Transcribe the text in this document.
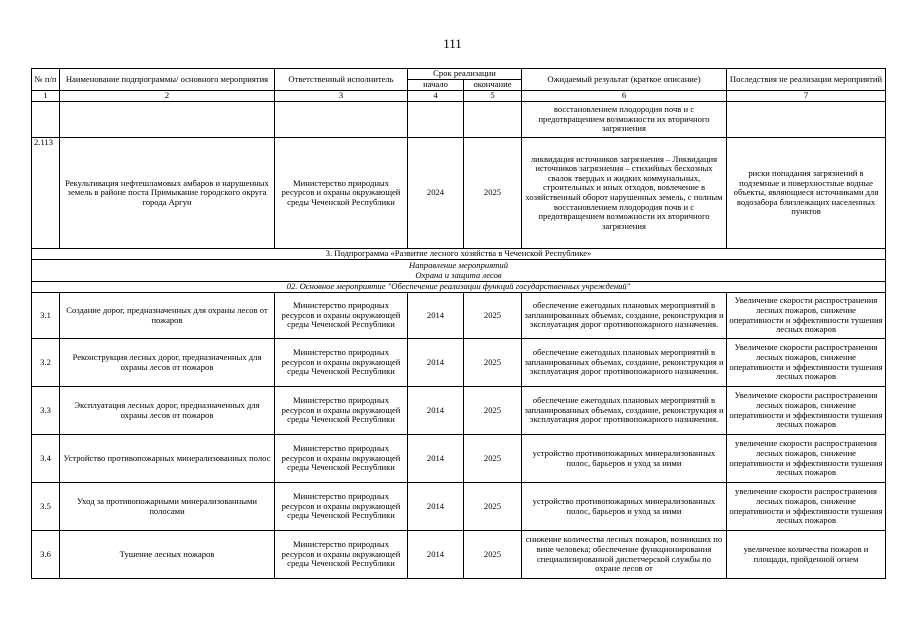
111
№ п/п	Наименование подпрограммы/ основного мероприятия	Ответственный исполнитель	Срок реализации		Ожидаемый результат (краткое описание)	Последствия не реализации мероприятий
			начало	окончание		
1	2	3	4	5	6	7
					восстановлением плодородия почв и с предотвращением возможности их вторичного загрязнения	
2.113	Рекультивация нефтешламовых амбаров и нарушенных земель в районе поста Примыкание городского округа города Аргун	Министерство природных ресурсов и охраны окружающей среды Чеченской Республики	2024	2025	ликвидация источников загрязнения – Ликвидация источников загрязнения – стихийных бесхозных свалок твердых и жидких коммунальных, строительных и иных отходов, вовлечение в хозяйственный оборот нарушенных земель, с полным восстановлением плодородия почв и с предотвращением возможности их вторичного загрязнения	риски попадания загрязнений в подземные и поверхностные водные объекты, являющиеся источниками для водозабора близлежащих населенных пунктов
3. Подпрограмма «Развитие лесного хозяйства в Чеченской Республике»						

Направление мероприятий
Охрана и защита лесов						

02. Основное мероприятие "Обеспечение реализации функций государственных учреждений"						
3.1	Создание дорог, предназначенных для охраны лесов от пожаров	Министерство природных ресурсов и охраны окружающей среды Чеченской Республики	2014	2025	обеспечение ежегодных плановых мероприятий в запланированных объемах, создание, реконструкция и эксплуатация дорог противопожарного назначения.	Увеличение скорости распространения лесных пожаров, снижение оперативности и эффективности тушения лесных пожаров
3.2	Реконструкция лесных дорог, предназначенных для охраны лесов от пожаров	Министерство природных ресурсов и охраны окружающей среды Чеченской Республики	2014	2025	обеспечение ежегодных плановых мероприятий в запланированных объемах, создание, реконструкция и эксплуатация дорог противопожарного назначения.	Увеличение скорости распространения лесных пожаров, снижение оперативности и эффективности тушения лесных пожаров
3.3	Эксплуатация лесных дорог, предназначенных для охраны лесов от пожаров	Министерство природных ресурсов и охраны окружающей среды Чеченской Республики	2014	2025	обеспечение ежегодных плановых мероприятий в запланированных объемах, создание, реконструкция и эксплуатация дорог противопожарного назначения.	Увеличение скорости распространения лесных пожаров, снижение оперативности и эффективности тушения лесных пожаров
3.4	Устройство противопожарных минерализованных полос	Министерство природных ресурсов и охраны окружающей среды Чеченской Республики	2014	2025	устройство противопожарных минерализованных полос, барьеров и уход за ними	увеличение скорости распространения лесных пожаров, снижение оперативности и эффективности тушения лесных пожаров
3.5	Уход за противопожарными минерализованными полосами	Министерство природных ресурсов и охраны окружающей среды Чеченской Республики	2014	2025	устройство противопожарных минерализованных полос, барьеров и уход за ними	увеличение скорости распространения лесных пожаров, снижение оперативности и эффективности тушения лесных пожаров
3.6	Тушение лесных пожаров	Министерство природных ресурсов и охраны окружающей среды Чеченской Республики	2014	2025	снижение количества лесных пожаров, возникших по вине человека; обеспечение функционирования специализированной диспетчерской службы по охране лесов от	увеличение количества пожаров и площади, пройденной огнем
